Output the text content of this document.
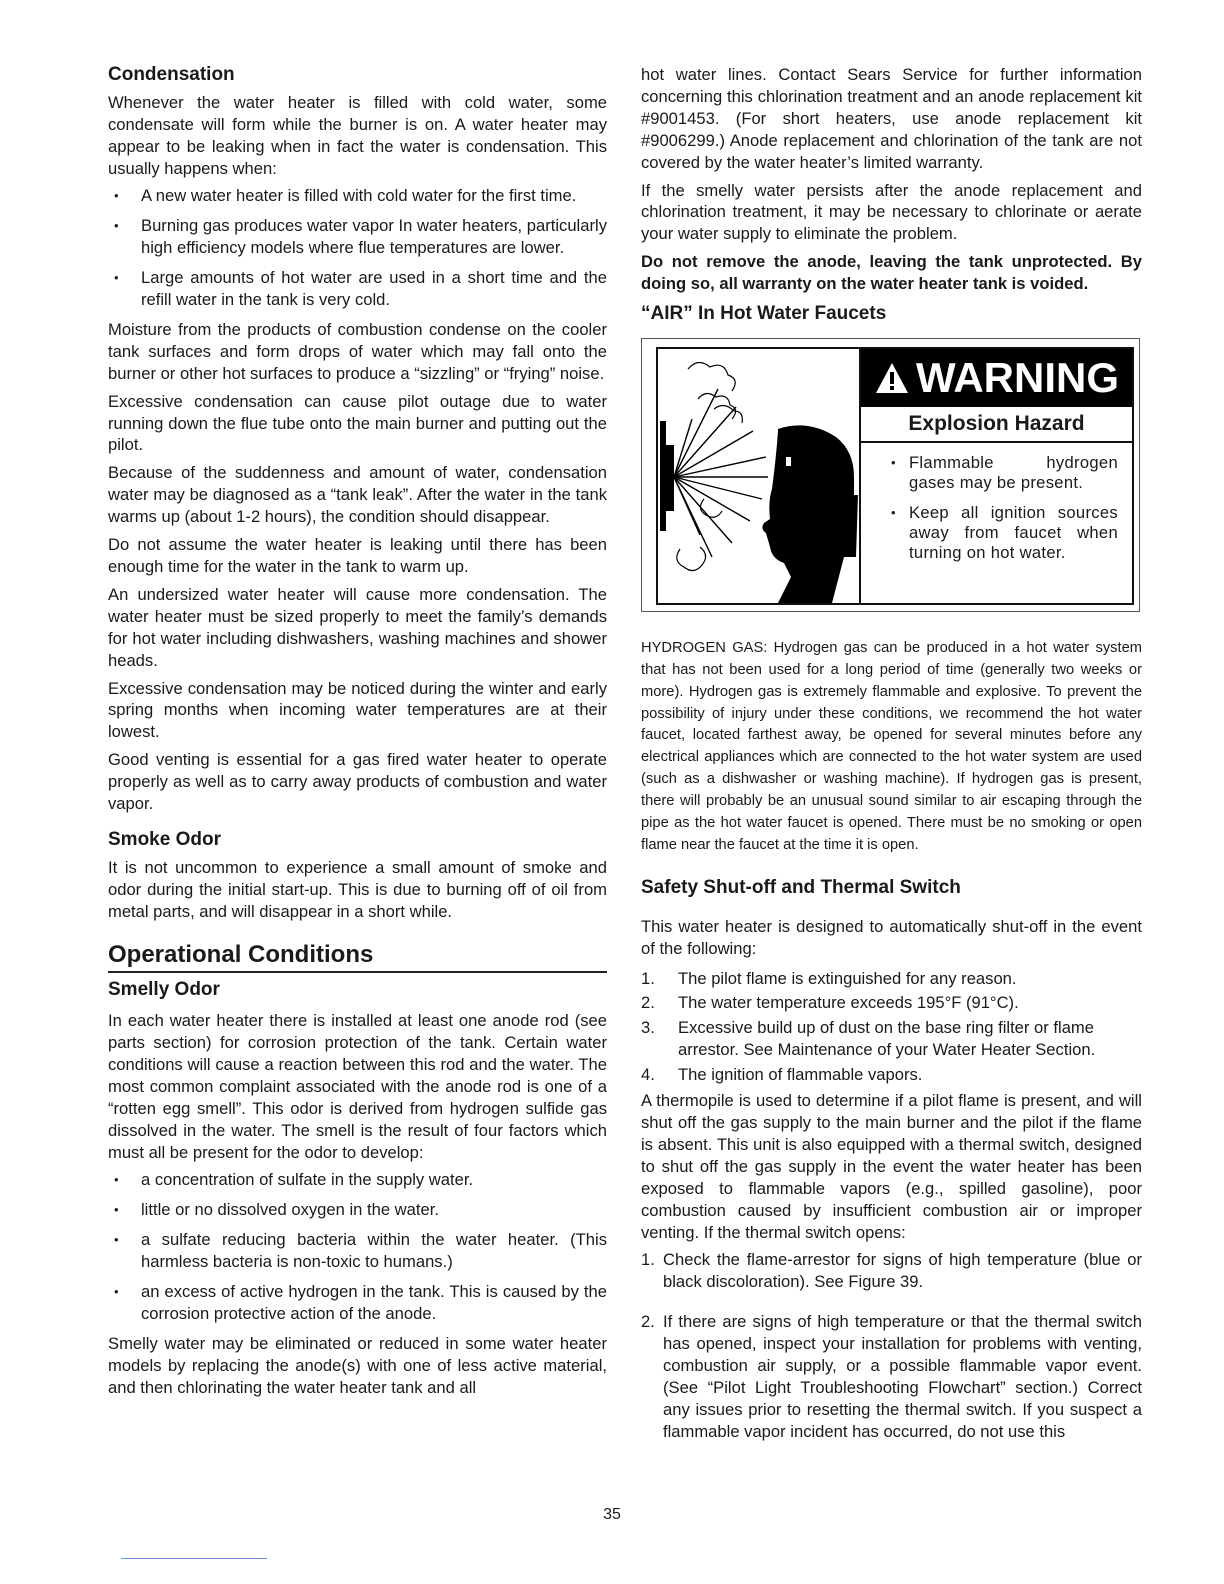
Condensation

Whenever the water heater is filled with cold water, some condensate will form while the burner is on. A water heater may appear to be leaking when in fact the water is condensation. This usually happens when:

• A new water heater is filled with cold water for the first time.
• Burning gas produces water vapor In water heaters, particularly high efficiency models where flue temperatures are lower.
• Large amounts of hot water are used in a short time and the refill water in the tank is very cold.

Moisture from the products of combustion condense on the cooler tank surfaces and form drops of water which may fall onto the burner or other hot surfaces to produce a “sizzling” or “frying” noise.

Excessive condensation can cause pilot outage due to water running down the flue tube onto the main burner and putting out the pilot.

Because of the suddenness and amount of water, condensation water may be diagnosed as a “tank leak”. After the water in the tank warms up (about 1-2 hours), the condition should disappear.

Do not assume the water heater is leaking until there has been enough time for the water in the tank to warm up.

An undersized water heater will cause more condensation. The water heater must be sized properly to meet the family’s demands for hot water including dishwashers, washing machines and shower heads.

Excessive condensation may be noticed during the winter and early spring months when incoming water temperatures are at their lowest.

Good venting is essential for a gas fired water heater to operate properly as well as to carry away products of combustion and water vapor.

Smoke Odor

It is not uncommon to experience a small amount of smoke and odor during the initial start-up. This is due to burning off of oil from metal parts, and will disappear in a short while.

Operational Conditions
Smelly Odor

In each water heater there is installed at least one anode rod (see parts section) for corrosion protection of the tank. Certain water conditions will cause a reaction between this rod and the water. The most common complaint associated with the anode rod is one of a “rotten egg smell”. This odor is derived from hydrogen sulfide gas dissolved in the water. The smell is the result of four factors which must all be present for the odor to develop:

• a concentration of sulfate in the supply water.
• little or no dissolved oxygen in the water.
• a sulfate reducing bacteria within the water heater. (This harmless bacteria is non-toxic to humans.)
• an excess of active hydrogen in the tank. This is caused by the corrosion protective action of the anode.

Smelly water may be eliminated or reduced in some water heater models by replacing the anode(s) with one of less active material, and then chlorinating the water heater tank and all

hot water lines. Contact Sears Service for further information concerning this chlorination treatment and an anode replacement kit #9001453. (For short heaters, use anode replacement kit #9006299.) Anode replacement and chlorination of the tank are not covered by the water heater’s limited warranty.

If the smelly water persists after the anode replacement and chlorination treatment, it may be necessary to chlorinate or aerate your water supply to eliminate the problem.

Do not remove the anode, leaving the tank unprotected. By doing so, all warranty on the water heater tank is voided.

“AIR” In Hot Water Faucets
WARNING
Explosion Hazard
• Flammable hydrogen gases may be present.
• Keep all ignition sources away from faucet when turning on hot water.

HYDROGEN GAS: Hydrogen gas can be produced in a hot water system that has not been used for a long period of time (generally two weeks or more). Hydrogen gas is extremely flammable and explosive. To prevent the possibility of injury under these conditions, we recommend the hot water faucet, located farthest away, be opened for several minutes before any electrical appliances which are connected to the hot water system are used (such as a dishwasher or washing machine). If hydrogen gas is present, there will probably be an unusual sound similar to air escaping through the pipe as the hot water faucet is opened. There must be no smoking or open flame near the faucet at the time it is open.

Safety Shut-off and Thermal Switch

This water heater is designed to automatically shut-off in the event of the following:

1. The pilot flame is extinguished for any reason.
2. The water temperature exceeds 195°F (91°C).
3. Excessive build up of dust on the base ring filter or flame arrestor. See Maintenance of your Water Heater Section.
4. The ignition of flammable vapors.

A thermopile is used to determine if a pilot flame is present, and will shut off the gas supply to the main burner and the pilot if the flame is absent. This unit is also equipped with a thermal switch, designed to shut off the gas supply in the event the water heater has been exposed to flammable vapors (e.g., spilled gasoline), poor combustion caused by insufficient combustion air or improper venting. If the thermal switch opens:

1. Check the flame-arrestor for signs of high temperature (blue or black discoloration). See Figure 39.
2. If there are signs of high temperature or that the thermal switch has opened, inspect your installation for problems with venting, combustion air supply, or a possible flammable vapor event. (See “Pilot Light Troubleshooting Flowchart” section.) Correct any issues prior to resetting the thermal switch. If you suspect a flammable vapor incident has occurred, do not use this
35
